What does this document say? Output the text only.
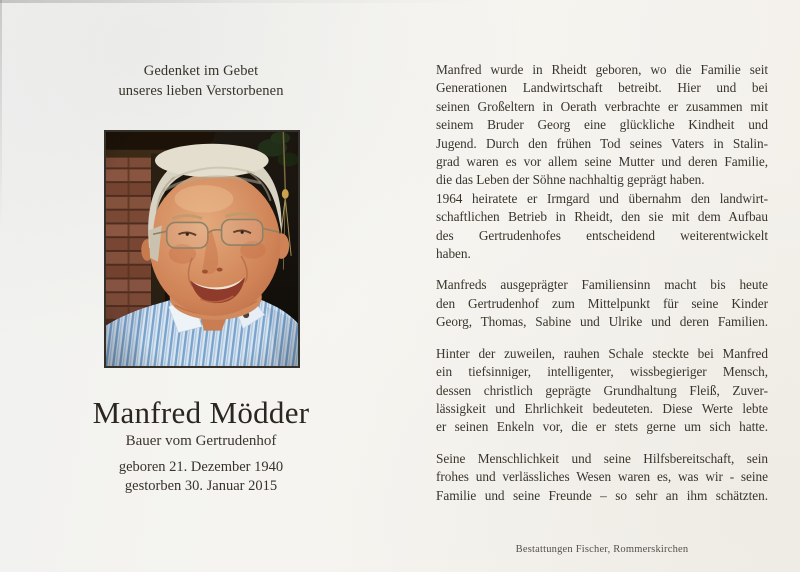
Gedenket im Gebet
unseres lieben Verstorbenen
Manfred Mödder
Bauer vom Gertrudenhof
geboren 21. Dezember 1940
gestorben 30. Januar 2015
Manfred wurde in Rheidt geboren, wo die Familie seit
Generationen Landwirtschaft betreibt. Hier und bei
seinen Großeltern in Oerath verbrachte er zusammen mit
seinem Bruder Georg eine glückliche Kindheit und
Jugend. Durch den frühen Tod seines Vaters in Stalin-
grad waren es vor allem seine Mutter und deren Familie,
die das Leben der Söhne nachhaltig geprägt haben.
1964 heiratete er Irmgard und übernahm den landwirt-
schaftlichen Betrieb in Rheidt, den sie mit dem Aufbau
des Gertrudenhofes entscheidend weiterentwickelt
haben.
Manfreds ausgeprägter Familiensinn macht bis heute
den Gertrudenhof zum Mittelpunkt für seine Kinder
Georg, Thomas, Sabine und Ulrike und deren Familien.
Hinter der zuweilen, rauhen Schale steckte bei Manfred
ein tiefsinniger, intelligenter, wissbegieriger Mensch,
dessen christlich geprägte Grundhaltung Fleiß, Zuver-
lässigkeit und Ehrlichkeit bedeuteten. Diese Werte lebte
er seinen Enkeln vor, die er stets gerne um sich hatte.
Seine Menschlichkeit und seine Hilfsbereitschaft, sein
frohes und verlässliches Wesen waren es, was wir - seine
Familie und seine Freunde – so sehr an ihm schätzten.
Bestattungen Fischer, Rommerskirchen
